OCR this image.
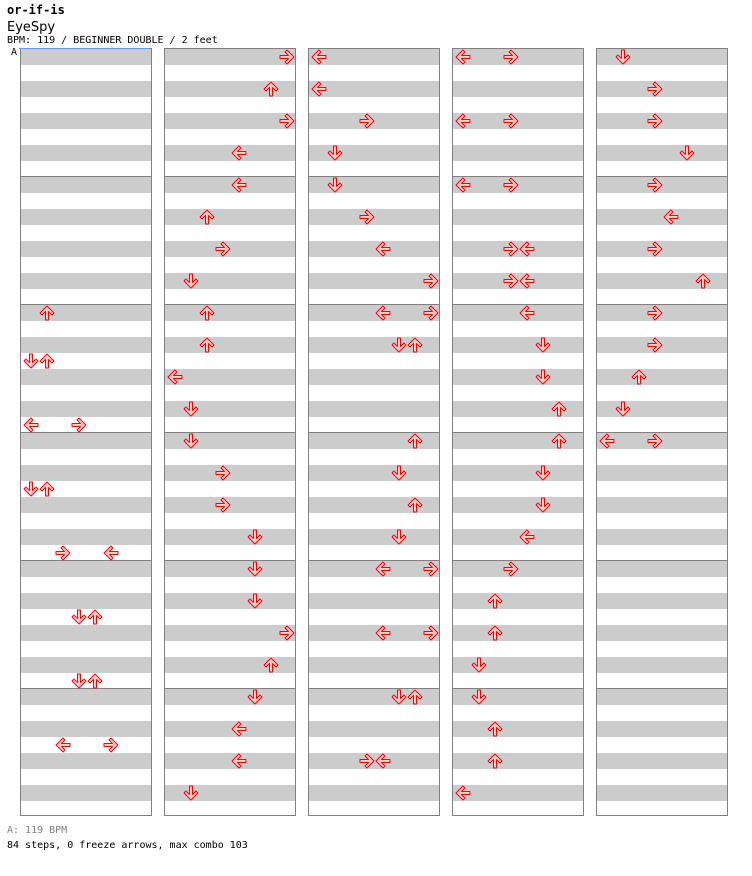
or-if-is
EyeSpy
BPM: 119 / BEGINNER DOUBLE / 2 feet
A
A: 119 BPM
84 steps, 0 freeze arrows, max combo 103
